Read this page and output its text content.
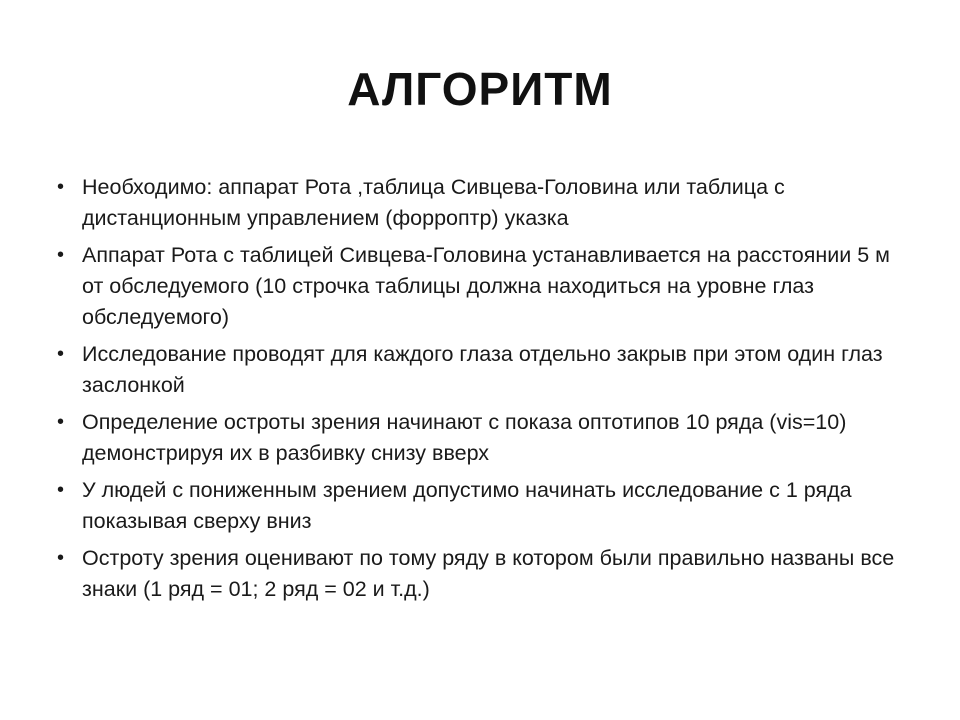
АЛГОРИТМ
• Необходимо: аппарат Рота ,таблица Сивцева-Головина или таблица с дистанционным управлением (форроптр) указка
• Аппарат Рота с таблицей Сивцева-Головина устанавливается на расстоянии 5 м от обследуемого (10 строчка таблицы должна находиться на уровне глаз обследуемого)
• Исследование проводят для каждого глаза отдельно закрыв при этом один глаз заслонкой
• Определение остроты зрения начинают с показа оптотипов 10 ряда (vis=10) демонстрируя их в разбивку снизу вверх
• У людей с пониженным зрением допустимо начинать исследование с 1 ряда показывая сверху вниз
• Остроту зрения оценивают по тому ряду в котором были правильно названы все знаки (1 ряд = 01; 2 ряд = 02 и т.д.)
